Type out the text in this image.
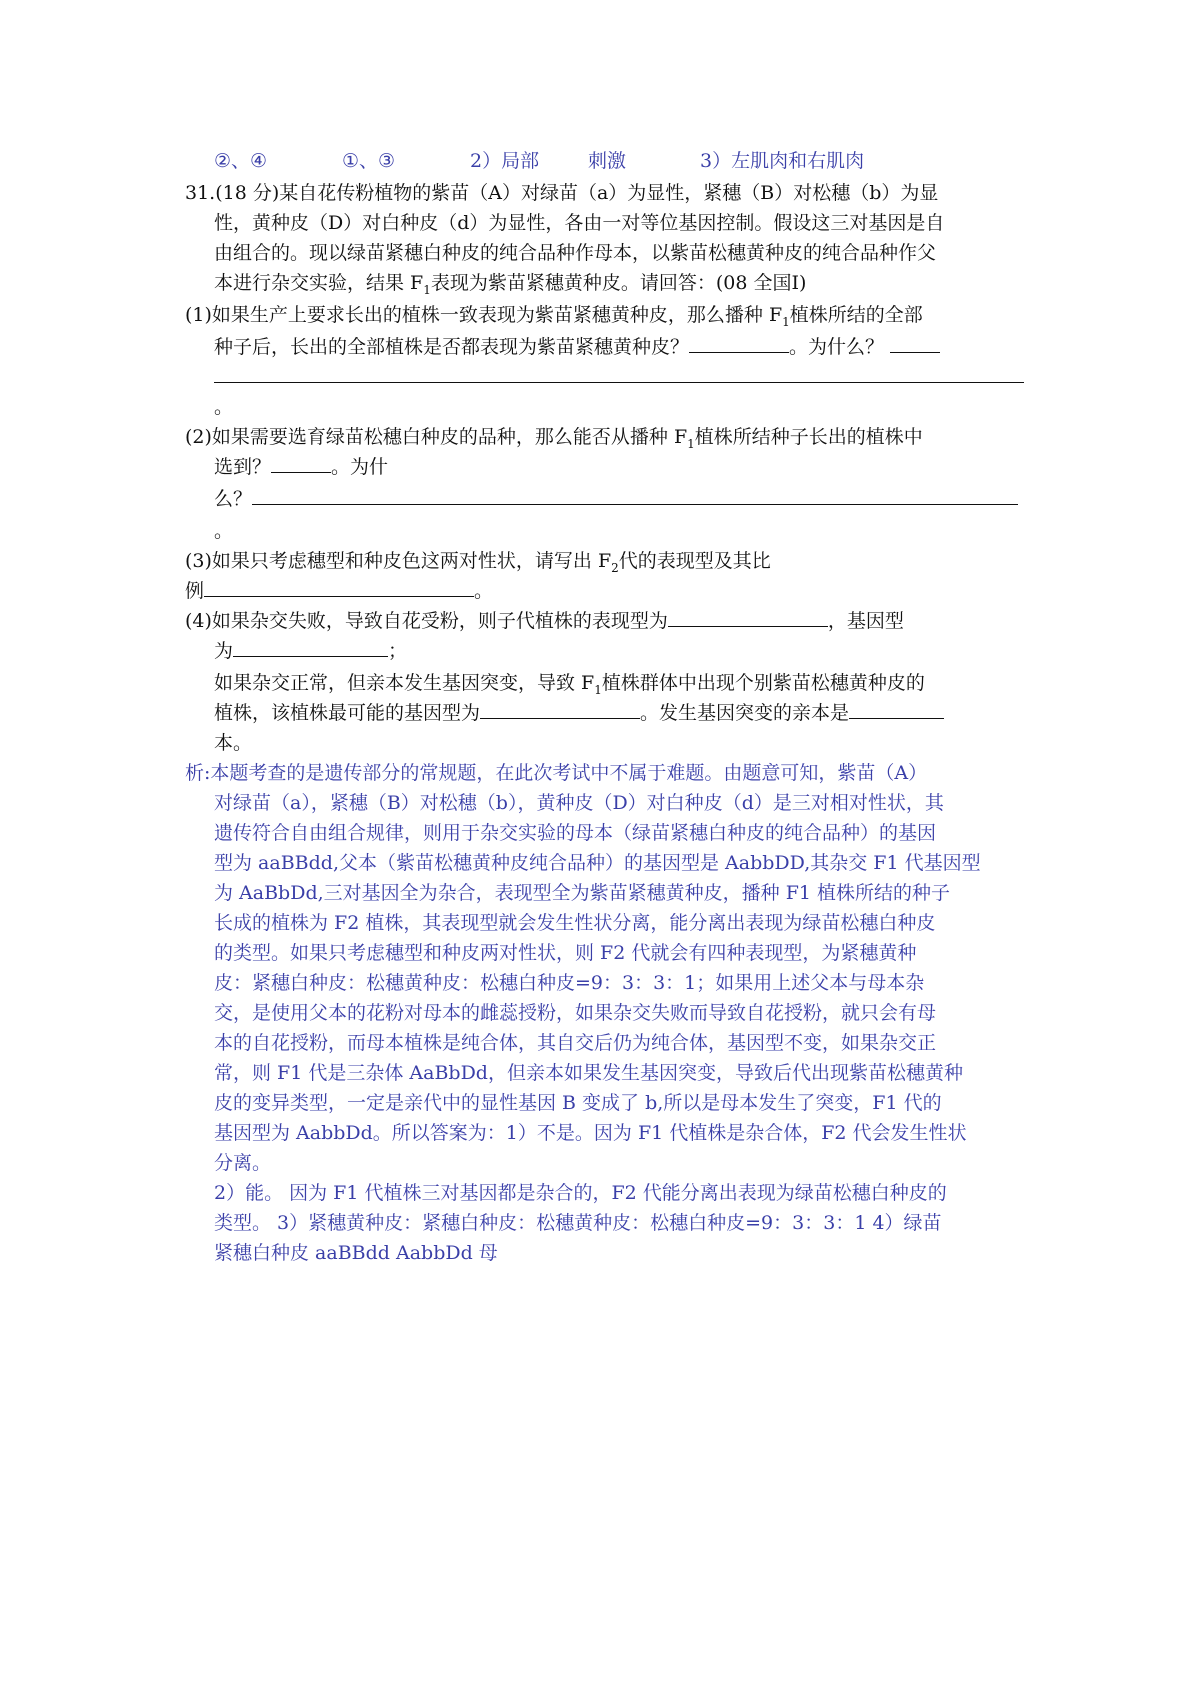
②、④	①、③	2）局部	刺激	3）左肌肉和右肌肉
31.(18 分)某自花传粉植物的紫苗（A）对绿苗（a）为显性，紧穗（B）对松穗（b）为显
性，黄种皮（D）对白种皮（d）为显性，各由一对等位基因控制。假设这三对基因是自
由组合的。现以绿苗紧穗白种皮的纯合品种作母本，以紫苗松穗黄种皮的纯合品种作父
本进行杂交实验，结果 $F_1$表现为紫苗紧穗黄种皮。请回答：(08 全国Ⅰ)
(1)如果生产上要求长出的植株一致表现为紫苗紧穗黄种皮，那么播种 $F_1$植株所结的全部
种子后，长出的全部植株是否都表现为紫苗紧穗黄种皮？	。为什么？
。
(2)如果需要选育绿苗松穗白种皮的品种，那么能否从播种 $F_1$植株所结种子长出的植株中
选到？	。为什
么？
。
(3)如果只考虑穗型和种皮色这两对性状，请写出 $F_2$代的表现型及其比
例	。
(4)如果杂交失败，导致自花受粉，则子代植株的表现型为	，基因型
为	；
如果杂交正常，但亲本发生基因突变，导致 $F_1$植株群体中出现个别紫苗松穗黄种皮的
植株，该植株最可能的基因型为	。发生基因突变的亲本是
本。
析:本题考查的是遗传部分的常规题，在此次考试中不属于难题。由题意可知，紫苗（A）
对绿苗（a），紧穗（B）对松穗（b），黄种皮（D）对白种皮（d）是三对相对性状，其
遗传符合自由组合规律，则用于杂交实验的母本（绿苗紧穗白种皮的纯合品种）的基因
型为 aaBBdd,父本（紫苗松穗黄种皮纯合品种）的基因型是 AabbDD,其杂交 F1 代基因型
为 AaBbDd,三对基因全为杂合，表现型全为紫苗紧穗黄种皮，播种 F1 植株所结的种子
长成的植株为 F2 植株，其表现型就会发生性状分离，能分离出表现为绿苗松穗白种皮
的类型。如果只考虑穗型和种皮两对性状，则 F2 代就会有四种表现型，为紧穗黄种
皮：紧穗白种皮：松穗黄种皮：松穗白种皮=9：3：3：1；如果用上述父本与母本杂
交，是使用父本的花粉对母本的雌蕊授粉，如果杂交失败而导致自花授粉，就只会有母
本的自花授粉，而母本植株是纯合体，其自交后仍为纯合体，基因型不变，如果杂交正
常，则 F1 代是三杂体 AaBbDd，但亲本如果发生基因突变，导致后代出现紫苗松穗黄种
皮的变异类型，一定是亲代中的显性基因 B 变成了 b,所以是母本发生了突变，F1 代的
基因型为 AabbDd。所以答案为：1）不是。因为 F1 代植株是杂合体，F2 代会发生性状
分离。
2）能。 因为 F1 代植株三对基因都是杂合的，F2 代能分离出表现为绿苗松穗白种皮的
类型。 3）紧穗黄种皮：紧穗白种皮：松穗黄种皮：松穗白种皮=9：3：3：1 4）绿苗
紧穗白种皮 aaBBdd AabbDd 母
